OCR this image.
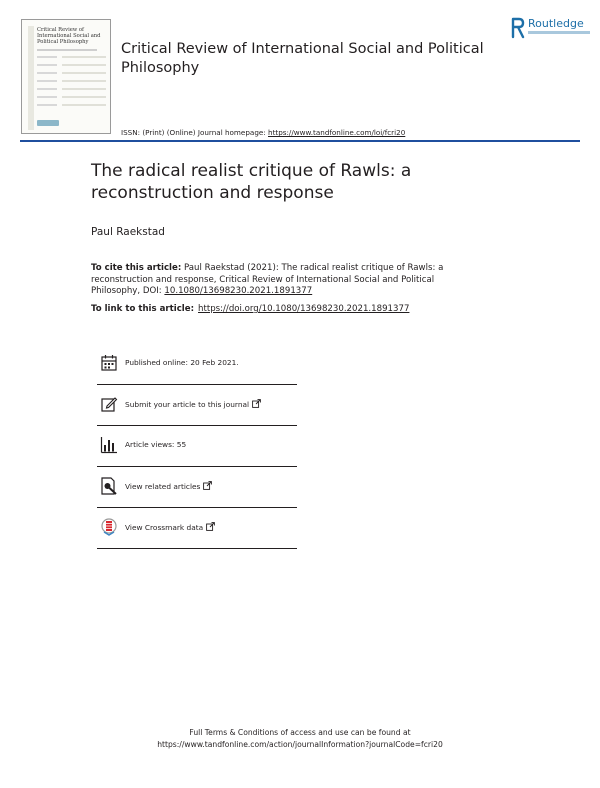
Critical Review of International Social and Political Philosophy	Critical Review of International Social and Political Philosophy
Routledge
ISSN: (Print) (Online) Journal homepage: https://www.tandfonline.com/loi/fcri20
The radical realist critique of Rawls: a reconstruction and response
Paul Raekstad
To cite this article: Paul Raekstad (2021): The radical realist critique of Rawls: a reconstruction and response, Critical Review of International Social and Political Philosophy, DOI: 10.1080/13698230.2021.1891377
To link to this article: https://doi.org/10.1080/13698230.2021.1891377
Published online: 20 Feb 2021.
Submit your article to this journal
Article views: 55
View related articles
View Crossmark data
Full Terms & Conditions of access and use can be found at
https://www.tandfonline.com/action/journalInformation?journalCode=fcri20
